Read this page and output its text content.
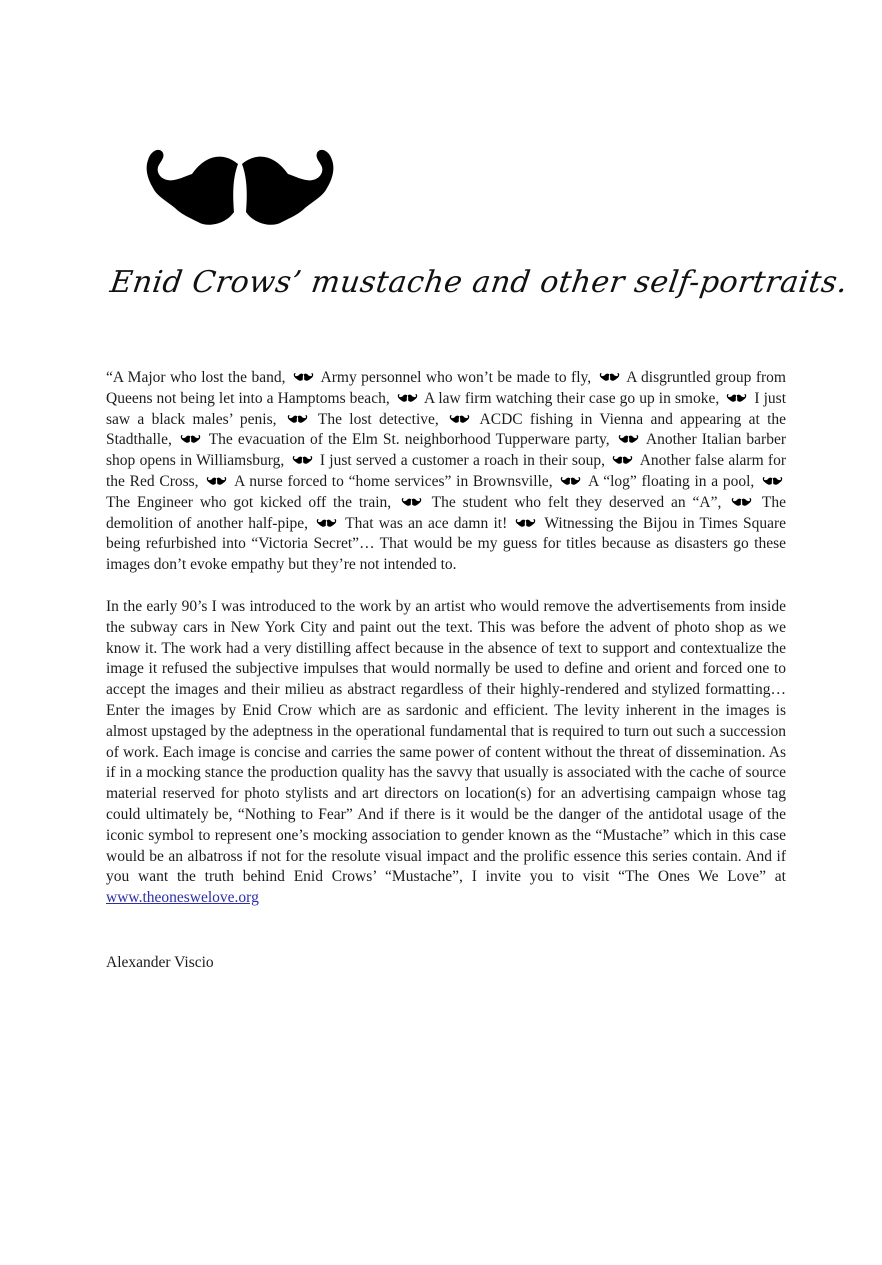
Enid Crows’ mustache and other self-portraits.

“A Major who lost the band,  Army personnel who won’t be made to fly,  A disgruntled group from Queens not being let into a Hamptoms beach,  A law firm watching their case go up in smoke,  I just saw a black males’ penis,  The lost detective,  ACDC fishing in Vienna and appearing at the Stadthalle,  The evacuation of the Elm St. neighborhood Tupperware party,  Another Italian barber shop opens in Williamsburg,  I just served a customer a roach in their soup,  Another false alarm for the Red Cross,  A nurse forced to “home services” in Brownsville,  A “log” floating in a pool,  The Engineer who got kicked off the train,  The student who felt they deserved an “A”,  The demolition of another half-pipe,  That was an ace damn it!  Witnessing the Bijou in Times Square being refurbished into “Victoria Secret”… That would be my guess for titles because as disasters go these images don’t evoke empathy but they’re not intended to.

In the early 90’s I was introduced to the work by an artist who would remove the advertisements from inside the subway cars in New York City and paint out the text. This was before the advent of photo shop as we know it. The work had a very distilling affect because in the absence of text to support and contextualize the image it refused the subjective impulses that would normally be used to define and orient and forced one to accept the images and their milieu as abstract regardless of their highly-rendered and stylized formatting…Enter the images by Enid Crow which are as sardonic and efficient. The levity inherent in the images is almost upstaged by the adeptness in the operational fundamental that is required to turn out such a succession of work. Each image is concise and carries the same power of content without the threat of dissemination. As if in a mocking stance the production quality has the savvy that usually is associated with the cache of source material reserved for photo stylists and art directors on location(s) for an advertising campaign whose tag could ultimately be, “Nothing to Fear” And if there is it would be the danger of the antidotal usage of the iconic symbol to represent one’s mocking association to gender known as the “Mustache” which in this case would be an albatross if not for the resolute visual impact and the prolific essence this series contain. And if you want the truth behind Enid Crows’ “Mustache”, I invite you to visit “The Ones We Love” at www.theoneswelove.org

Alexander Viscio
